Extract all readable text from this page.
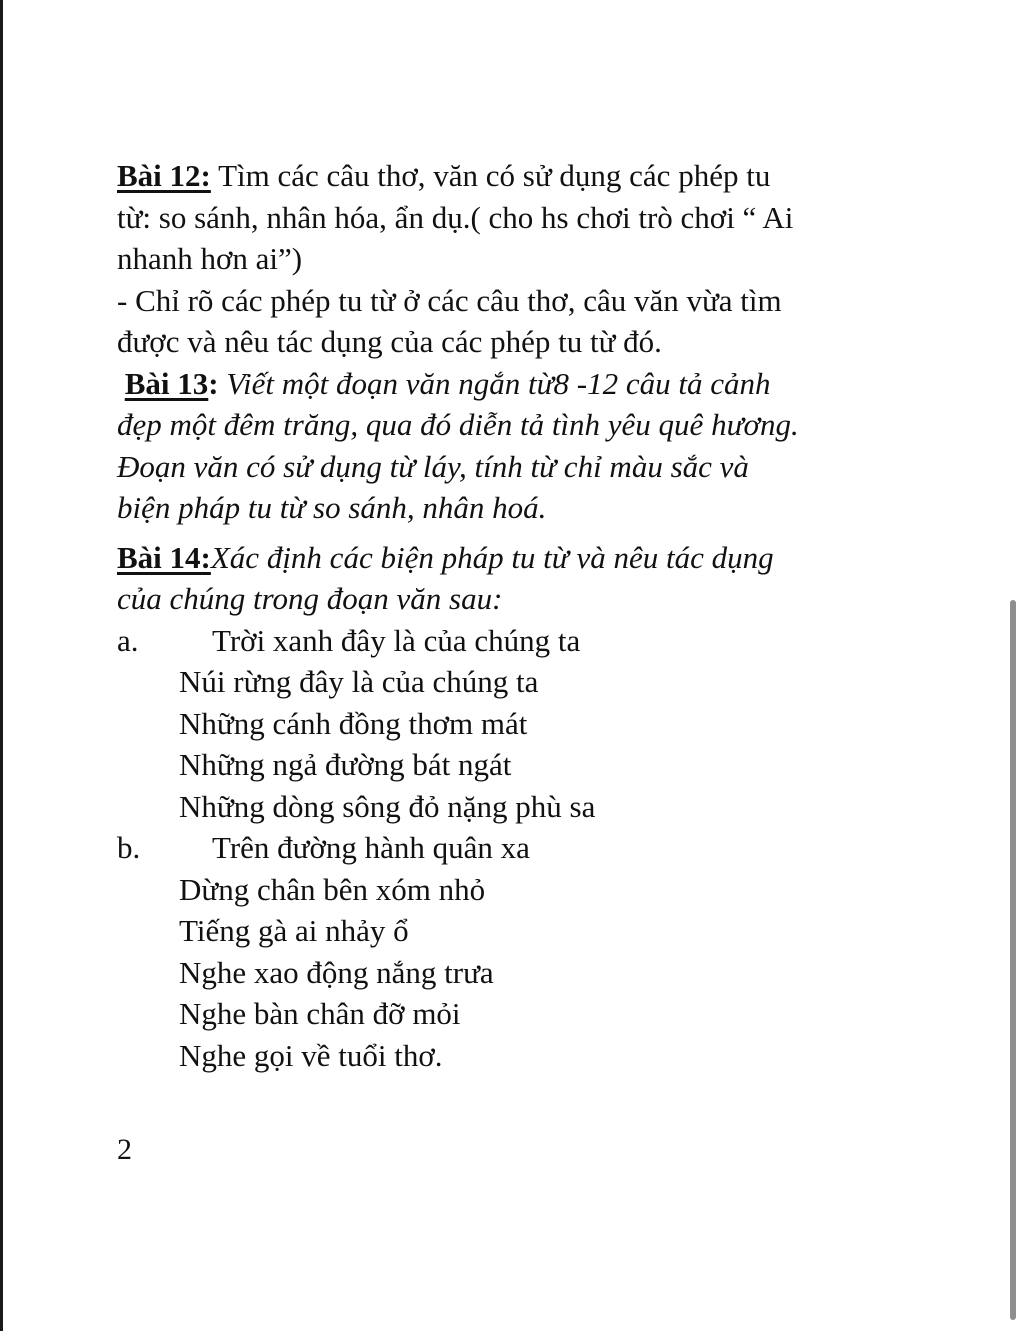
Bài 12: Tìm các câu thơ, văn có sử dụng các phép tu

từ: so sánh, nhân hóa, ẩn dụ.( cho hs chơi trò chơi “ Ai

nhanh hơn ai”)

- Chỉ rõ các phép tu từ ở các câu thơ, câu văn vừa tìm

được và nêu tác dụng của các phép tu từ đó.

Bài 13: Viết một đoạn văn ngắn từ8 -12 câu tả cảnh

đẹp một đêm trăng, qua đó diễn tả tình yêu quê hương.

Đoạn văn có sử dụng từ láy, tính từ chỉ màu sắc và

biện pháp tu từ so sánh, nhân hoá.

Bài 14:Xác định các biện pháp tu từ và nêu tác dụng

của chúng trong đoạn văn sau:

a. Trời xanh đây là của chúng ta
Núi rừng đây là của chúng ta
Những cánh đồng thơm mát
Những ngả đường bát ngát
Những dòng sông đỏ nặng phù sa
b. Trên đường hành quân xa
Dừng chân bên xóm nhỏ
Tiếng gà ai nhảy ổ
Nghe xao động nắng trưa
Nghe bàn chân đỡ mỏi
Nghe gọi về tuổi thơ.
2
